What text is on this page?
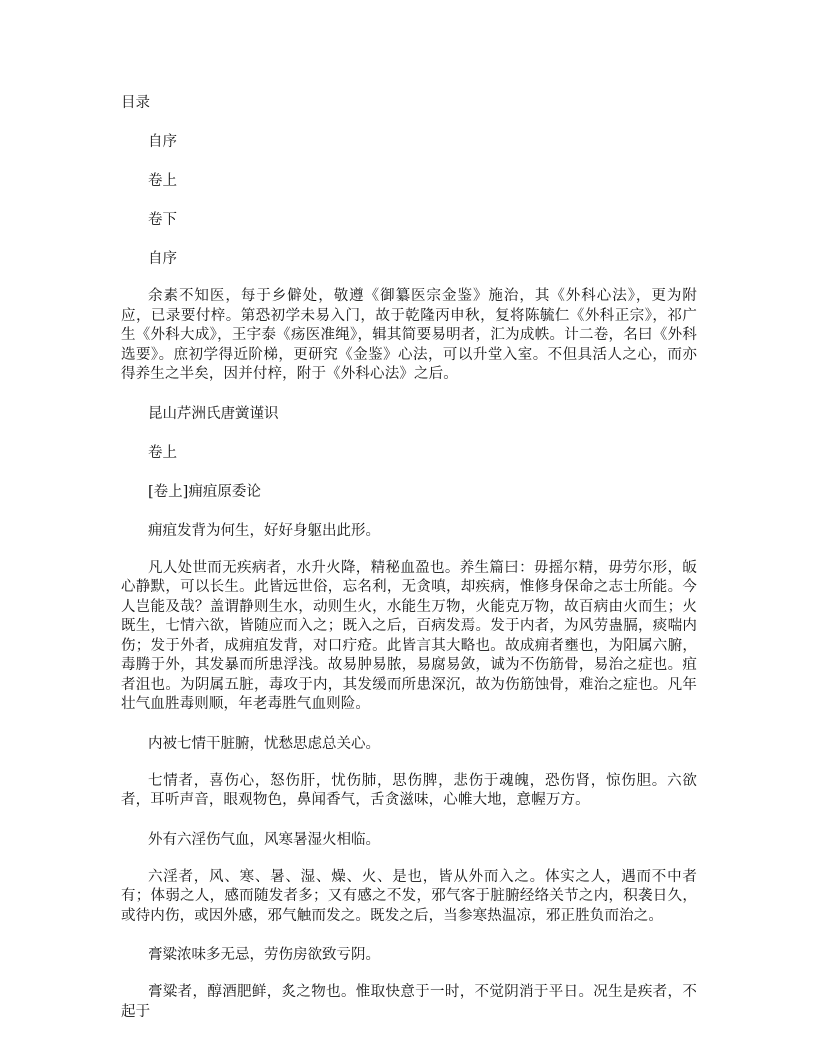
目录

自序

卷上

卷下

自序

余素不知医，每于乡僻处，敬遵《御纂医宗金鉴》施治，其《外科心法》，更为附应，已录要付梓。第恐初学未易入门，故于乾隆丙申秋，复将陈毓仁《外科正宗》，祁广生《外科大成》，王宇泰《疡医准绳》，辑其简要易明者，汇为成帙。计二卷，名曰《外科选要》。庶初学得近阶梯，更研究《金鉴》心法，可以升堂入室。不但具活人之心，而亦得养生之半矣，因并付梓，附于《外科心法》之后。

昆山芹洲氏唐黉谨识

卷上

[卷上]痈疽原委论

痈疽发背为何生，好好身躯出此形。

凡人处世而无疾病者，水升火降，精秘血盈也。养生篇曰：毋摇尔精，毋劳尔形，皈心静默，可以长生。此皆远世俗，忘名利，无贪嗔，却疾病，惟修身保命之志士所能。今人岂能及哉？盖谓静则生水，动则生火，水能生万物，火能克万物，故百病由火而生；火既生，七情六欲，皆随应而入之；既入之后，百病发焉。发于内者，为风劳蛊膈，痰喘内伤；发于外者，成痈疽发背，对口疔疮。此皆言其大略也。故成痈者壅也，为阳属六腑，毒腾于外，其发暴而所患浮浅。故易肿易脓，易腐易敛，诚为不伤筋骨，易治之症也。疽者沮也。为阴属五脏，毒攻于内，其发缓而所患深沉，故为伤筋蚀骨，难治之症也。凡年壮气血胜毒则顺，年老毒胜气血则险。

内被七情干脏腑，忧愁思虑总关心。

七情者，喜伤心，怒伤肝，忧伤肺，思伤脾，悲伤于魂魄，恐伤肾，惊伤胆。六欲者，耳听声音，眼观物色，鼻闻香气，舌贪滋味，心帷大地，意幄万方。

外有六淫伤气血，风寒暑湿火相临。

六淫者，风、寒、暑、湿、燥、火、是也，皆从外而入之。体实之人，遇而不中者有；体弱之人，感而随发者多；又有感之不发，邪气客于脏腑经络关节之内，积袭日久，或待内伤，或因外感，邪气触而发之。既发之后，当参寒热温凉，邪正胜负而治之。

膏粱浓味多无忌，劳伤房欲致亏阴。

膏粱者，醇酒肥鲜，炙之物也。惟取快意于一时，不觉阴消于平日。况生是疾者，不起于
